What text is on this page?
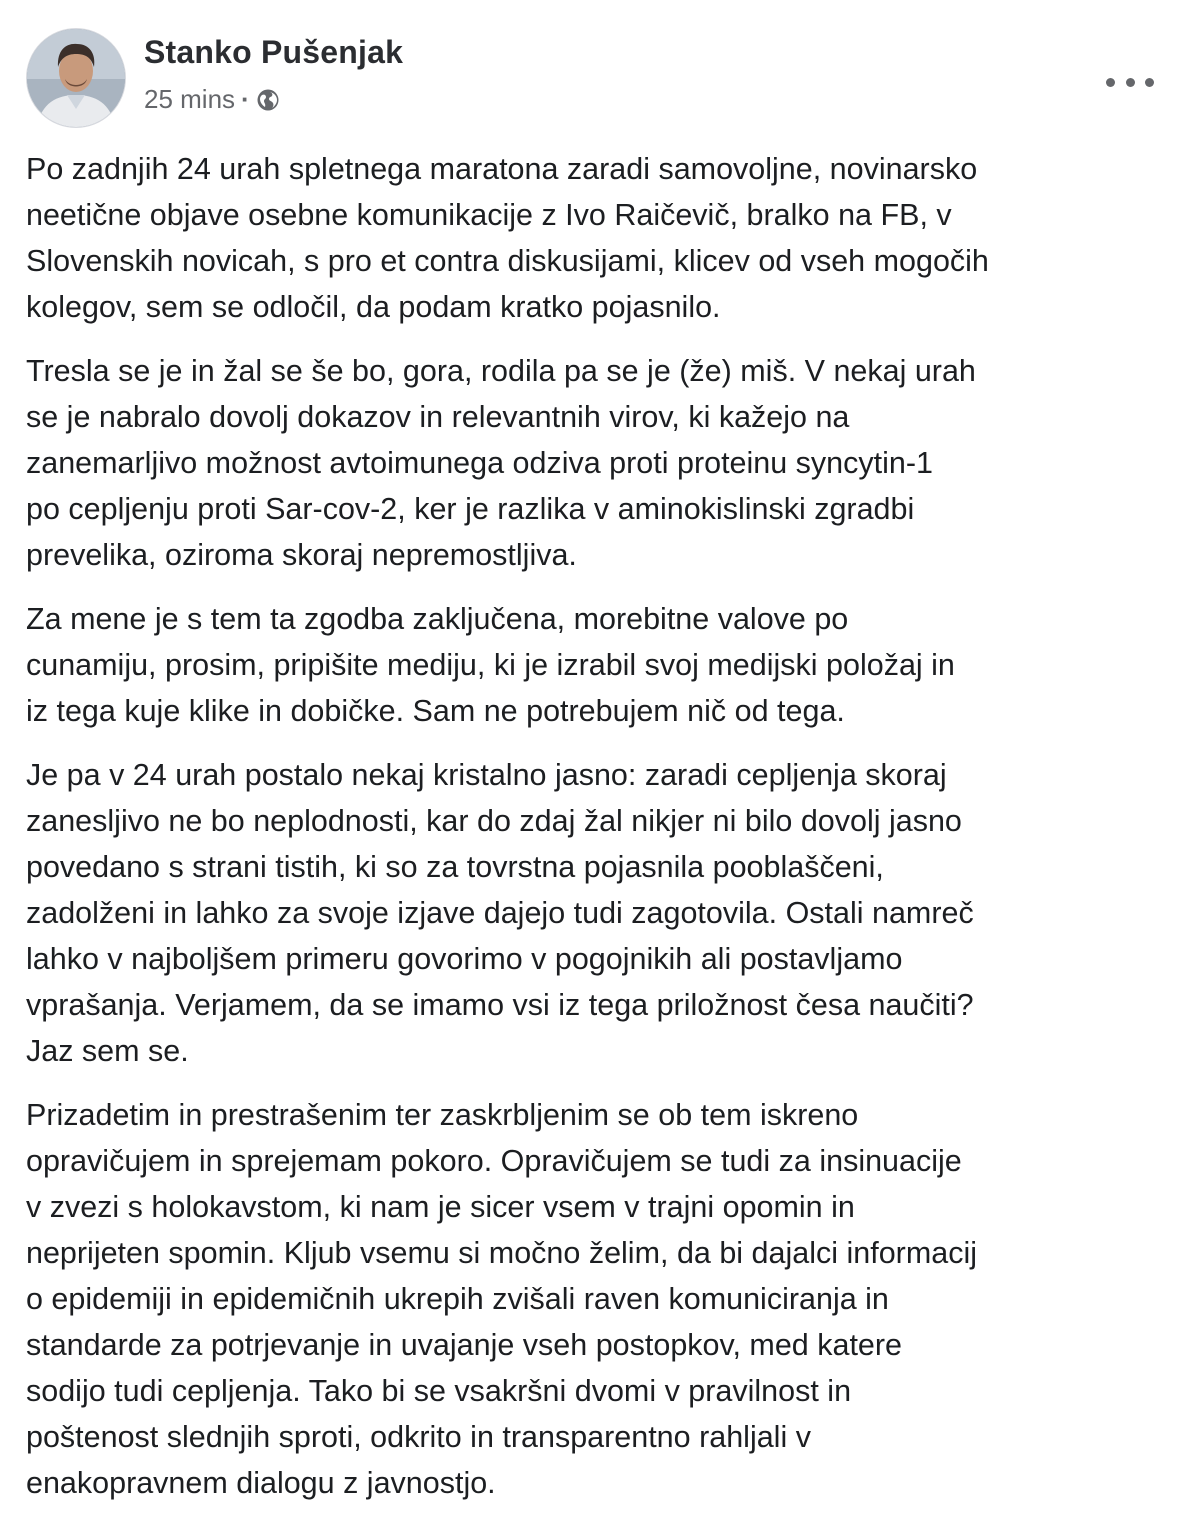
Stanko Pušenjak
25 mins ·

Po zadnjih 24 urah spletnega maratona zaradi samovoljne, novinarsko
neetične objave osebne komunikacije z Ivo Raičevič, bralko na FB, v
Slovenskih novicah, s pro et contra diskusijami, klicev od vseh mogočih
kolegov, sem se odločil, da podam kratko pojasnilo.

Tresla se je in žal se še bo, gora, rodila pa se je (že) miš. V nekaj urah
se je nabralo dovolj dokazov in relevantnih virov, ki kažejo na
zanemarljivo možnost avtoimunega odziva proti proteinu syncytin-1
po cepljenju proti Sar-cov-2, ker je razlika v aminokislinski zgradbi
prevelika, oziroma skoraj nepremostljiva.

Za mene je s tem ta zgodba zaključena, morebitne valove po
cunamiju, prosim, pripišite mediju, ki je izrabil svoj medijski položaj in
iz tega kuje klike in dobičke. Sam ne potrebujem nič od tega.

Je pa v 24 urah postalo nekaj kristalno jasno: zaradi cepljenja skoraj
zanesljivo ne bo neplodnosti, kar do zdaj žal nikjer ni bilo dovolj jasno
povedano s strani tistih, ki so za tovrstna pojasnila pooblaščeni,
zadolženi in lahko za svoje izjave dajejo tudi zagotovila. Ostali namreč
lahko v najboljšem primeru govorimo v pogojnikih ali postavljamo
vprašanja. Verjamem, da se imamo vsi iz tega priložnost česa naučiti?
Jaz sem se.

Prizadetim in prestrašenim ter zaskrbljenim se ob tem iskreno
opravičujem in sprejemam pokoro. Opravičujem se tudi za insinuacije
v zvezi s holokavstom, ki nam je sicer vsem v trajni opomin in
neprijeten spomin. Kljub vsemu si močno želim, da bi dajalci informacij
o epidemiji in epidemičnih ukrepih zvišali raven komuniciranja in
standarde za potrjevanje in uvajanje vseh postopkov, med katere
sodijo tudi cepljenja. Tako bi se vsakršni dvomi v pravilnost in
poštenost slednjih sproti, odkrito in transparentno rahljali v
enakopravnem dialogu z javnostjo.
